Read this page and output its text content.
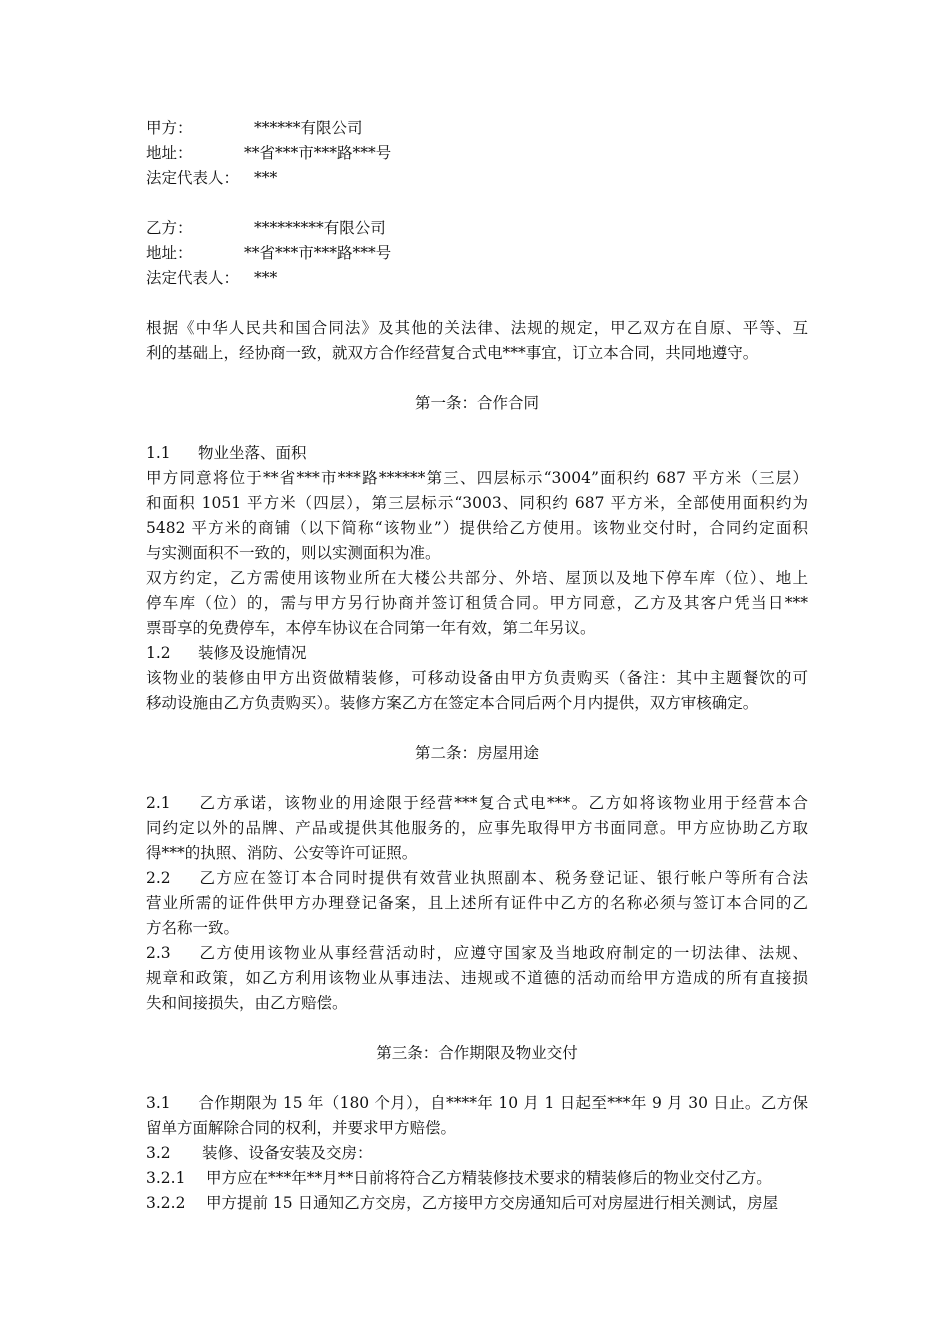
甲方：	******有限公司
地址：	**省***市***路***号
法定代表人： ***
乙方：	*********有限公司
地址：	**省***市***路***号
法定代表人： ***
根据《中华人民共和国合同法》及其他的关法律、法规的规定，甲乙双方在自原、平等、互
利的基础上，经协商一致，就双方合作经营复合式电***事宜，订立本合同，共同地遵守。
第一条：合作合同
1.1 物业坐落、面积
甲方同意将位于**省***市***路******第三、四层标示“3004”面积约 687 平方米（三层）
和面积 1051 平方米（四层），第三层标示“3003、同积约 687 平方米，全部使用面积约为
5482 平方米的商铺（以下简称“该物业”）提供给乙方使用。该物业交付时，合同约定面积
与实测面积不一致的，则以实测面积为准。
双方约定，乙方需使用该物业所在大楼公共部分、外培、屋顶以及地下停车库（位）、地上
停车库（位）的，需与甲方另行协商并签订租赁合同。甲方同意，乙方及其客户凭当日***
票哥享的免费停车，本停车协议在合同第一年有效，第二年另议。
1.2 装修及设施情况
该物业的装修由甲方出资做精装修，可移动设备由甲方负责购买（备注：其中主题餐饮的可
移动设施由乙方负责购买）。装修方案乙方在签定本合同后两个月内提供，双方审核确定。
第二条：房屋用途
2.1 乙方承诺，该物业的用途限于经营***复合式电***。乙方如将该物业用于经营本合
同约定以外的品牌、产品或提供其他服务的，应事先取得甲方书面同意。甲方应协助乙方取
得***的执照、消防、公安等许可证照。
2.2 乙方应在签订本合同时提供有效营业执照副本、税务登记证、银行帐户等所有合法
营业所需的证件供甲方办理登记备案，且上述所有证件中乙方的名称必须与签订本合同的乙
方名称一致。
2.3 乙方使用该物业从事经营活动时，应遵守国家及当地政府制定的一切法律、法规、
规章和政策，如乙方利用该物业从事违法、违规或不道德的活动而给甲方造成的所有直接损
失和间接损失，由乙方赔偿。
第三条：合作期限及物业交付
3.1 合作期限为 15 年（180 个月），自****年 10 月 1 日起至***年 9 月 30 日止。乙方保
留单方面解除合同的权利，并要求甲方赔偿。
3.2 装修、设备安装及交房：
3.2.1 甲方应在***年**月**日前将符合乙方精装修技术要求的精装修后的物业交付乙方。
3.2.2 甲方提前 15 日通知乙方交房，乙方接甲方交房通知后可对房屋进行相关测试，房屋
